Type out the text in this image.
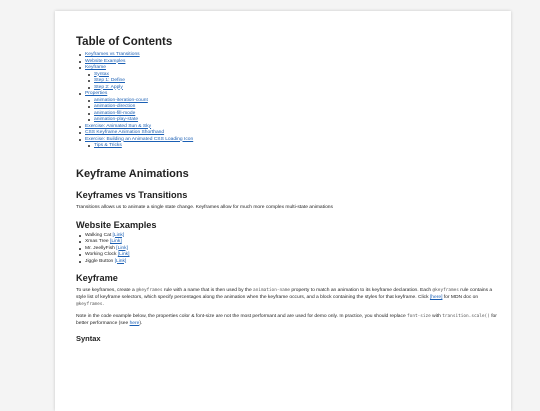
Table of Contents
Keyframes vs Transitions
Website Examples
Keyframe
Syntax
Step 1: Define
Step 2: Apply
Properties
animation-iteration-count
animation-direction
animation-fill-mode
animation-play-state
Exercise: Animated Sun & Sky
CSS Keyframe Animation Shorthand
Exercise: Building an Animated CSS Loading Icon
Tips & Tricks
Keyframe Animations
Keyframes vs Transitions

Transitions allows us to animate a single state change. Keyframes allow for much more complex multi-state animations

Website Examples
Walking Cat [Link]
Xmas Tree [Link]
Mr. JeellyFish [Link]
Working Clock [Link]
Jiggle Button [Link]
Keyframe

To use keyframes, create a @keyframes rule with a name that is then used by the animation-name property to match an animation to its keyframe declaration. Each @keyframes rule contains a style list of keyframe selectors, which specify percentages along the animation when the keyframe occurs, and a block containing the styles for that keyframe. Click [here] for MDN doc on @keyframes.

Note in the code example below, the properties color & font-size are not the most performant and are used for demo only. In practice, you should replace font-size with transition.scale() for better performance (see here).

Syntax
